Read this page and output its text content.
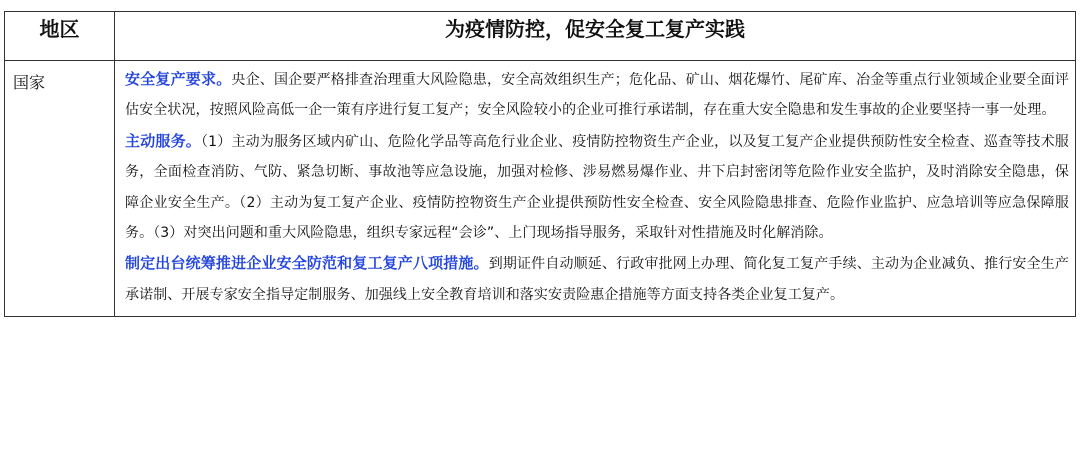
地区	为疫情防控，促安全复工复产实践
国家	安全复产要求。央企、国企要严格排查治理重大风险隐患，安全高效组织生产；危化品、矿山、烟花爆竹、尾矿库、冶金等重点行业领域企业要全面评估安全状况，按照风险高低一企一策有序进行复工复产；安全风险较小的企业可推行承诺制，存在重大安全隐患和发生事故的企业要坚持一事一处理。

主动服务。（1）主动为服务区域内矿山、危险化学品等高危行业企业、疫情防控物资生产企业，以及复工复产企业提供预防性安全检查、巡查等技术服务，全面检查消防、气防、紧急切断、事故池等应急设施，加强对检修、涉易燃易爆作业、井下启封密闭等危险作业安全监护，及时消除安全隐患，保障企业安全生产。（2）主动为复工复产企业、疫情防控物资生产企业提供预防性安全检查、安全风险隐患排查、危险作业监护、应急培训等应急保障服务。（3）对突出问题和重大风险隐患，组织专家远程“会诊”、上门现场指导服务，采取针对性措施及时化解消除。

制定出台统筹推进企业安全防范和复工复产八项措施。到期证件自动顺延、行政审批网上办理、简化复工复产手续、主动为企业减负、推行安全生产承诺制、开展专家安全指导定制服务、加强线上安全教育培训和落实安责险惠企措施等方面支持各类企业复工复产。
